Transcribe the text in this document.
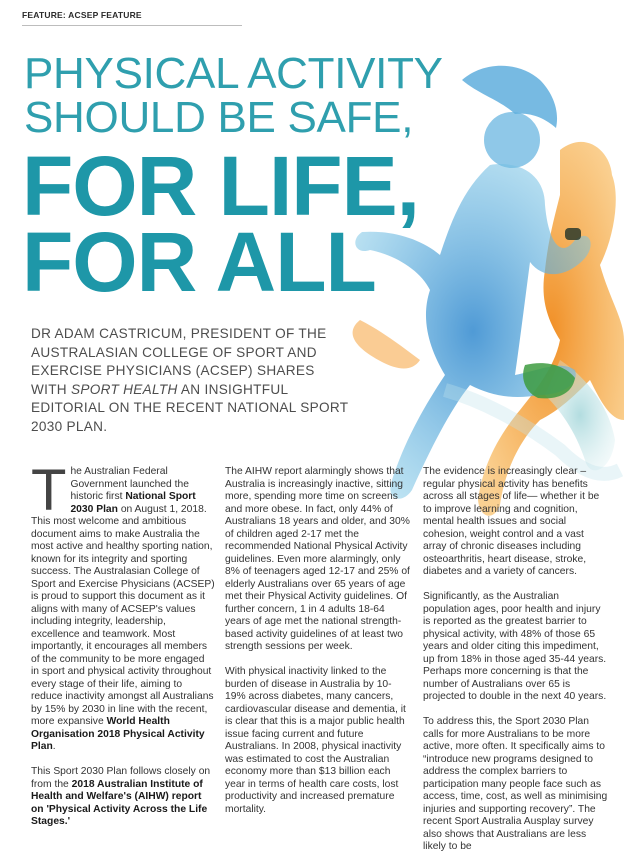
FEATURE: ACSEP FEATURE
PHYSICAL ACTIVITY
SHOULD BE SAFE,
FOR LIFE,
FOR ALL
DR ADAM CASTRICUM, PRESIDENT OF THE AUSTRALASIAN COLLEGE OF SPORT AND EXERCISE PHYSICIANS (ACSEP) SHARES WITH SPORT HEALTH AN INSIGHTFUL EDITORIAL ON THE RECENT NATIONAL SPORT 2030 PLAN.

The Australian Federal Government launched the historic first National Sport 2030 Plan on August 1, 2018. This most welcome and ambitious document aims to make Australia the most active and healthy sporting nation, known for its integrity and sporting success. The Australasian College of Sport and Exercise Physicians (ACSEP) is proud to support this document as it aligns with many of ACSEP's values including integrity, leadership, excellence and teamwork. Most importantly, it encourages all members of the community to be more engaged in sport and physical activity throughout every stage of their life, aiming to reduce inactivity amongst all Australians by 15% by 2030 in line with the recent, more expansive World Health Organisation 2018 Physical Activity Plan.

This Sport 2030 Plan follows closely on from the 2018 Australian Institute of Health and Welfare's (AIHW) report on 'Physical Activity Across the Life Stages.'

The AIHW report alarmingly shows that Australia is increasingly inactive, sitting more, spending more time on screens and more obese. In fact, only 44% of Australians 18 years and older, and 30% of children aged 2-17 met the recommended National Physical Activity guidelines. Even more alarmingly, only 8% of teenagers aged 12-17 and 25% of elderly Australians over 65 years of age met their Physical Activity guidelines. Of further concern, 1 in 4 adults 18-64 years of age met the national strength-based activity guidelines of at least two strength sessions per week.

With physical inactivity linked to the burden of disease in Australia by 10-19% across diabetes, many cancers, cardiovascular disease and dementia, it is clear that this is a major public health issue facing current and future Australians. In 2008, physical inactivity was estimated to cost the Australian economy more than $13 billion each year in terms of health care costs, lost productivity and increased premature mortality.

The evidence is increasingly clear – regular physical activity has benefits across all stages of life— whether it be to improve learning and cognition, mental health issues and social cohesion, weight control and a vast array of chronic diseases including osteoarthritis, heart disease, stroke, diabetes and a variety of cancers.

Significantly, as the Australian population ages, poor health and injury is reported as the greatest barrier to physical activity, with 48% of those 65 years and older citing this impediment, up from 18% in those aged 35-44 years. Perhaps more concerning is that the number of Australians over 65 is projected to double in the next 40 years.

To address this, the Sport 2030 Plan calls for more Australians to be more active, more often. It specifically aims to “introduce new programs designed to address the complex barriers to participation many people face such as access, time, cost, as well as minimising injuries and supporting recovery”. The recent Sport Australia Ausplay survey also shows that Australians are less likely to be
